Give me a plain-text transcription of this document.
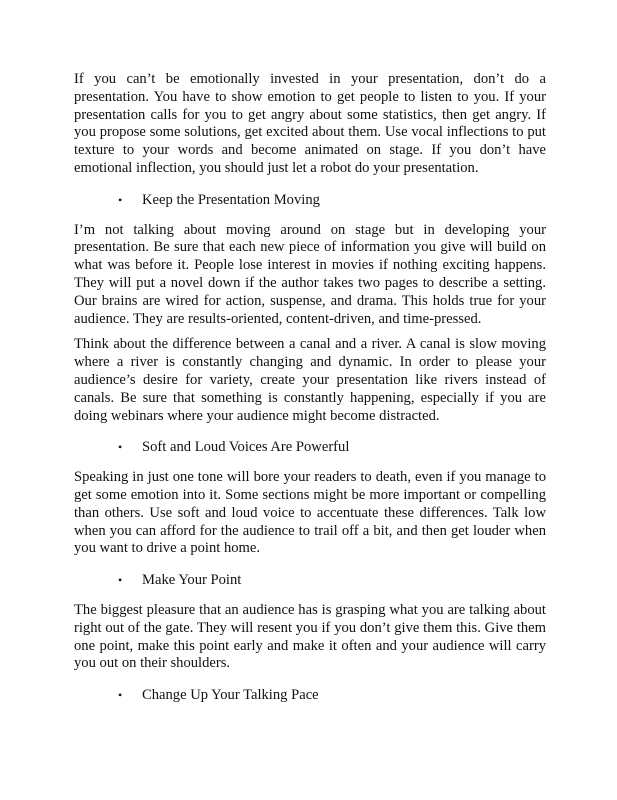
If you can’t be emotionally invested in your presentation, don’t do a presentation. You have to show emotion to get people to listen to you. If your presentation calls for you to get angry about some statistics, then get angry. If you propose some solutions, get excited about them. Use vocal inflections to put texture to your words and become animated on stage. If you don’t have emotional inflection, you should just let a robot do your presentation.

•	Keep the Presentation Moving

I’m not talking about moving around on stage but in developing your presentation. Be sure that each new piece of information you give will build on what was before it. People lose interest in movies if nothing exciting happens. They will put a novel down if the author takes two pages to describe a setting. Our brains are wired for action, suspense, and drama. This holds true for your audience. They are results-oriented, content-driven, and time-pressed.

Think about the difference between a canal and a river. A canal is slow moving where a river is constantly changing and dynamic. In order to please your audience’s desire for variety, create your presentation like rivers instead of canals. Be sure that something is constantly happening, especially if you are doing webinars where your audience might become distracted.

•	Soft and Loud Voices Are Powerful

Speaking in just one tone will bore your readers to death, even if you manage to get some emotion into it. Some sections might be more important or compelling than others. Use soft and loud voice to accentuate these differences. Talk low when you can afford for the audience to trail off a bit, and then get louder when you want to drive a point home.

•	Make Your Point

The biggest pleasure that an audience has is grasping what you are talking about right out of the gate. They will resent you if you don’t give them this. Give them one point, make this point early and make it often and your audience will carry you out on their shoulders.

•	Change Up Your Talking Pace
